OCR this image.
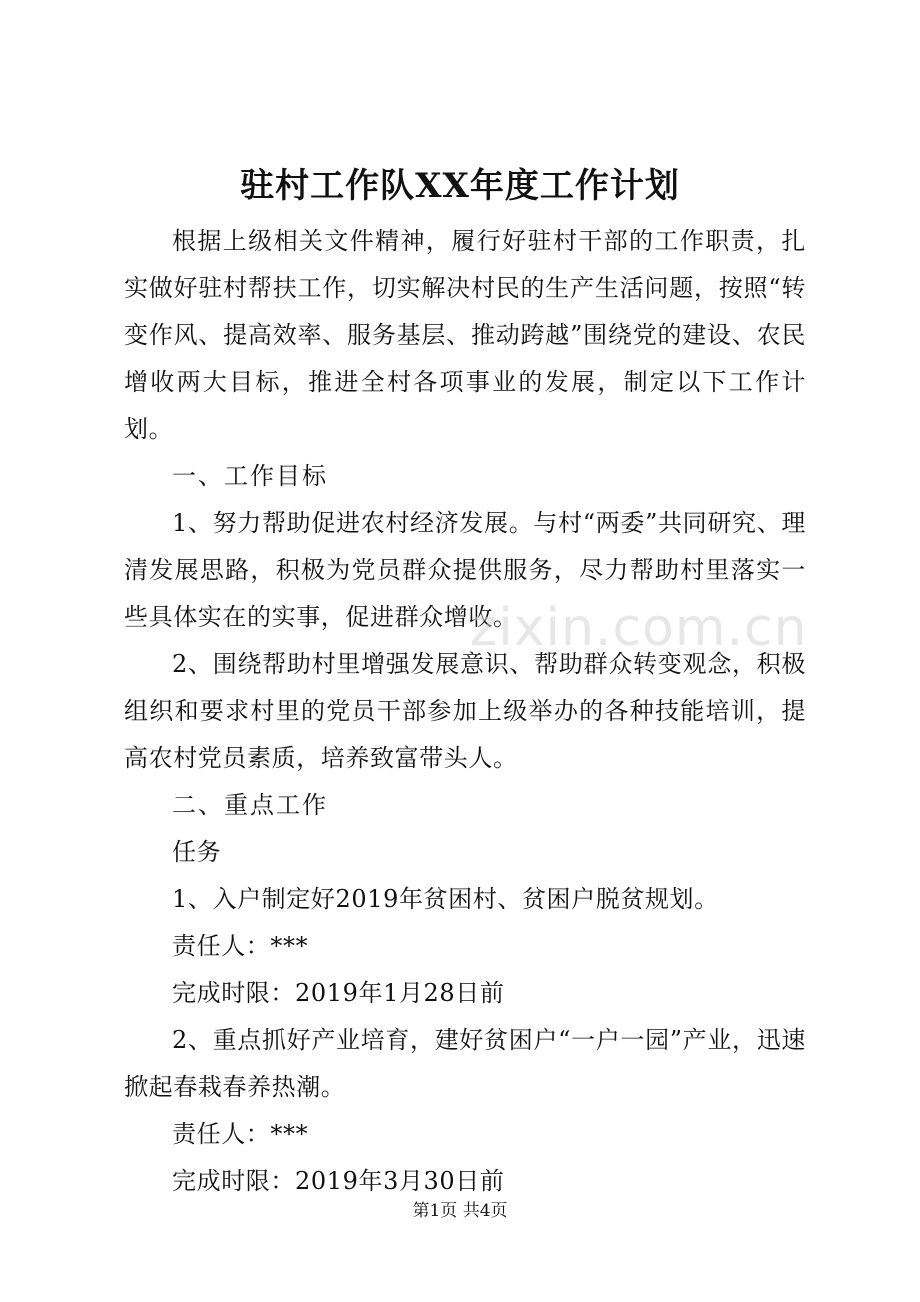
驻村工作队XX年度工作计划

根据上级相关文件精神，履行好驻村干部的工作职责，扎实做好驻村帮扶工作，切实解决村民的生产生活问题，按照“转变作风、提高效率、服务基层、推动跨越”围绕党的建设、农民增收两大目标，推进全村各项事业的发展，制定以下工作计划。

一、工作目标

1、努力帮助促进农村经济发展。与村“两委”共同研究、理清发展思路，积极为党员群众提供服务，尽力帮助村里落实一些具体实在的实事，促进群众增收。

2、围绕帮助村里增强发展意识、帮助群众转变观念，积极组织和要求村里的党员干部参加上级举办的各种技能培训，提高农村党员素质，培养致富带头人。

二、重点工作

任务

1、入户制定好2019年贫困村、贫困户脱贫规划。

责任人：***

完成时限：2019年1月28日前

2、重点抓好产业培育，建好贫困户“一户一园”产业，迅速掀起春栽春养热潮。

责任人：***

完成时限：2019年3月30日前

zixin.com.cn
第1页 共4页
